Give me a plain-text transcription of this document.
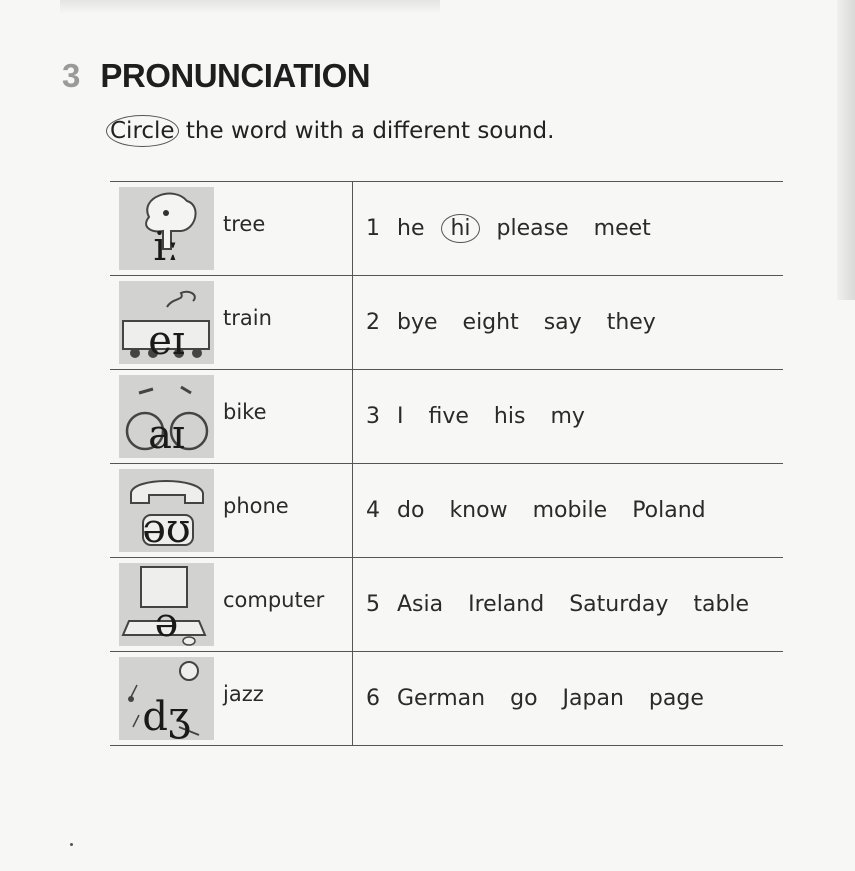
3 PRONUNCIATION
Circle the word with a different sound.
iː	tree	1 he hi please meet
eɪ	train	2 bye eight say they
aɪ	bike	3 I five his my
əʊ	phone	4 do know mobile Poland
ə	computer 5 Asia Ireland Saturday table
dʒ	jazz	6 German go Japan page
